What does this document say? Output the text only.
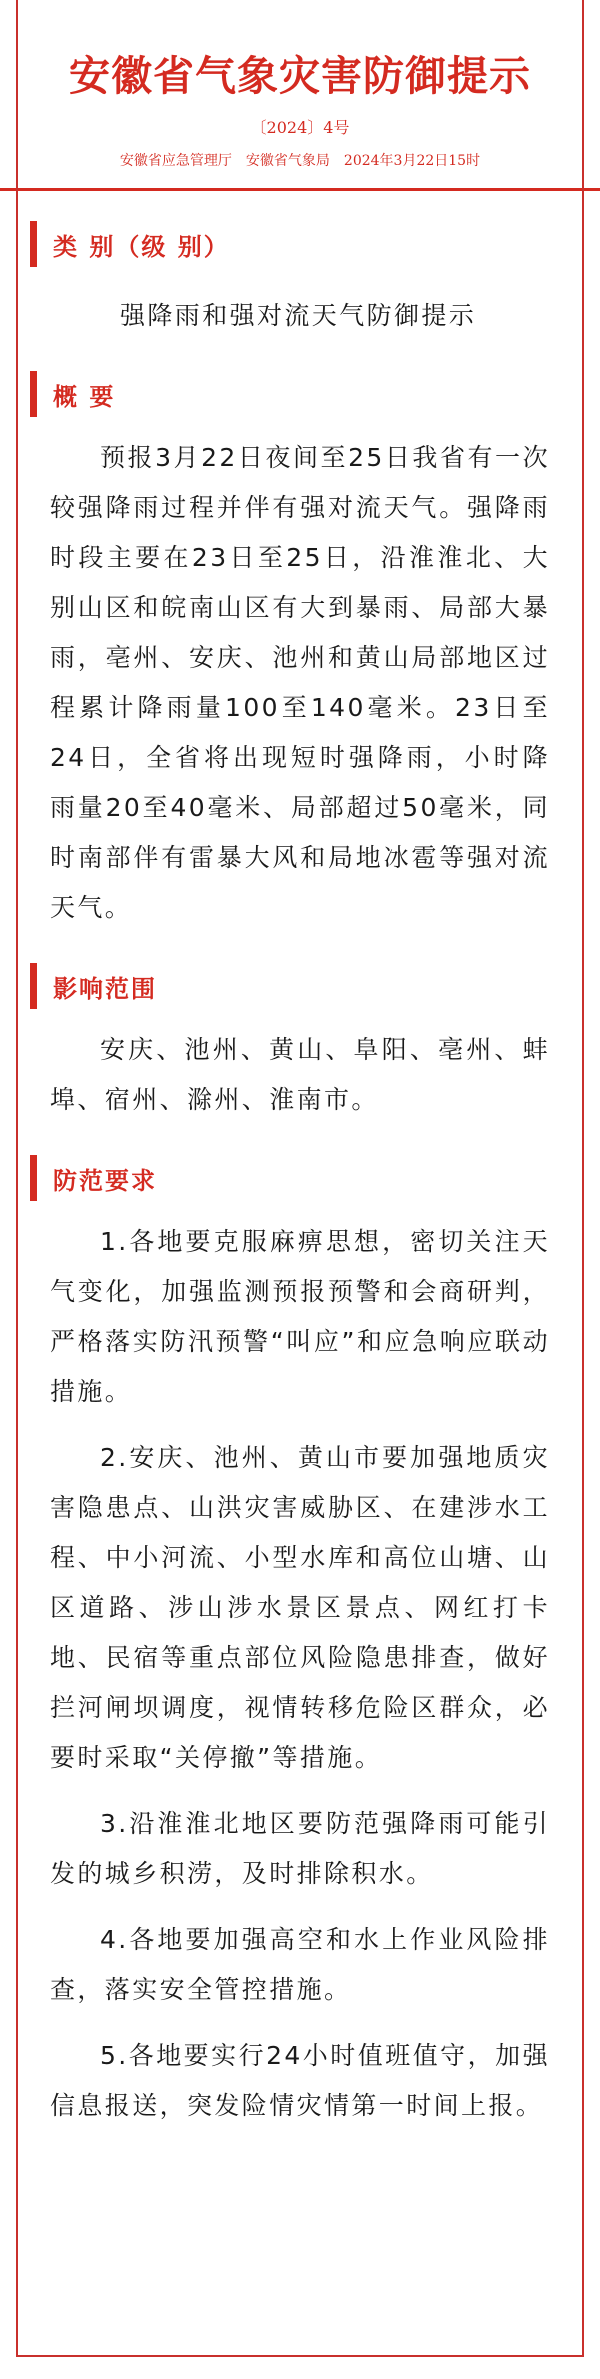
安徽省气象灾害防御提示
〔2024〕4号
安徽省应急管理厅 安徽省气象局 2024年3月22日15时
类 别（级 别）

强降雨和强对流天气防御提示

概 要

预报3月22日夜间至25日我省有一次较强降雨过程并伴有强对流天气。强降雨时段主要在23日至25日，沿淮淮北、大别山区和皖南山区有大到暴雨、局部大暴雨，亳州、安庆、池州和黄山局部地区过程累计降雨量100至140毫米。23日至24日，全省将出现短时强降雨，小时降雨量20至40毫米、局部超过50毫米，同时南部伴有雷暴大风和局地冰雹等强对流天气。

影响范围

安庆、池州、黄山、阜阳、亳州、蚌埠、宿州、滁州、淮南市。

防范要求

1.各地要克服麻痹思想，密切关注天气变化，加强监测预报预警和会商研判，严格落实防汛预警“叫应”和应急响应联动措施。

2.安庆、池州、黄山市要加强地质灾害隐患点、山洪灾害威胁区、在建涉水工程、中小河流、小型水库和高位山塘、山区道路、涉山涉水景区景点、网红打卡地、民宿等重点部位风险隐患排查，做好拦河闸坝调度，视情转移危险区群众，必要时采取“关停撤”等措施。

3.沿淮淮北地区要防范强降雨可能引发的城乡积涝，及时排除积水。

4.各地要加强高空和水上作业风险排查，落实安全管控措施。

5.各地要实行24小时值班值守，加强信息报送，突发险情灾情第一时间上报。
